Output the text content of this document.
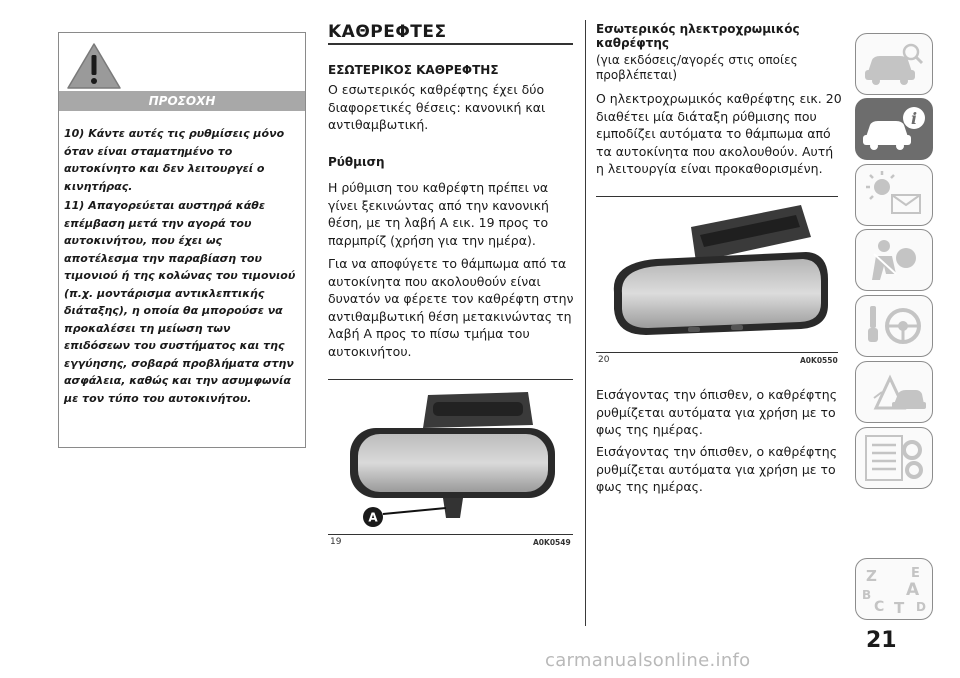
ΠΡΟΣΟΧΗ
10) Κάντε αυτές τις ρυθμίσεις μόνο όταν είναι σταματημένο το αυτοκίνητο και δεν λειτουργεί ο κινητήρας.
11) Απαγορεύεται αυστηρά κάθε επέμβαση μετά την αγορά του αυτοκινήτου, που έχει ως αποτέλεσμα την παραβίαση του τιμονιού ή της κολώνας του τιμονιού (π.χ. μοντάρισμα αντικλεπτικής διάταξης), η οποία θα μπορούσε να προκαλέσει τη μείωση των επιδόσεων του συστήματος και της εγγύησης, σοβαρά προβλήματα στην ασφάλεια, καθώς και την ασυμφωνία με τον τύπο του αυτοκινήτου.
ΚΑΘΡΕΦΤΕΣ
ΕΣΩΤΕΡΙΚΟΣ ΚΑΘΡΕΦΤΗΣ
Ο εσωτερικός καθρέφτης έχει δύο διαφορετικές θέσεις: κανονική και αντιθαμβωτική.
Ρύθμιση
Η ρύθμιση του καθρέφτη πρέπει να γίνει ξεκινώντας από την κανονική θέση, με τη λαβή A εικ. 19 προς το παρμπρίζ (χρήση για την ημέρα).
Για να αποφύγετε το θάμπωμα από τα αυτοκίνητα που ακολουθούν είναι δυνατόν να φέρετε τον καθρέφτη στην αντιθαμβωτική θέση μετακινώντας τη λαβή A προς το πίσω τμήμα του αυτοκινήτου.
A
19	A0K0549
Εσωτερικός ηλεκτροχρωμικός καθρέφτης
(για εκδόσεις/αγορές στις οποίες προβλέπεται)
Ο ηλεκτροχρωμικός καθρέφτης εικ. 20 διαθέτει μία διάταξη ρύθμισης που εμποδίζει αυτόματα το θάμπωμα από τα αυτοκίνητα που ακολουθούν. Αυτή η λειτουργία είναι προκαθορισμένη.
20	A0K0550
Εισάγοντας την όπισθεν, ο καθρέφτης ρυθμίζεται αυτόματα για χρήση με το φως της ημέρας.
Εισάγοντας την όπισθεν, ο καθρέφτης ρυθμίζεται αυτόματα για χρήση με το φως της ημέρας.
i
Z	E
B A
C T D
21
carmanualsonline.info
